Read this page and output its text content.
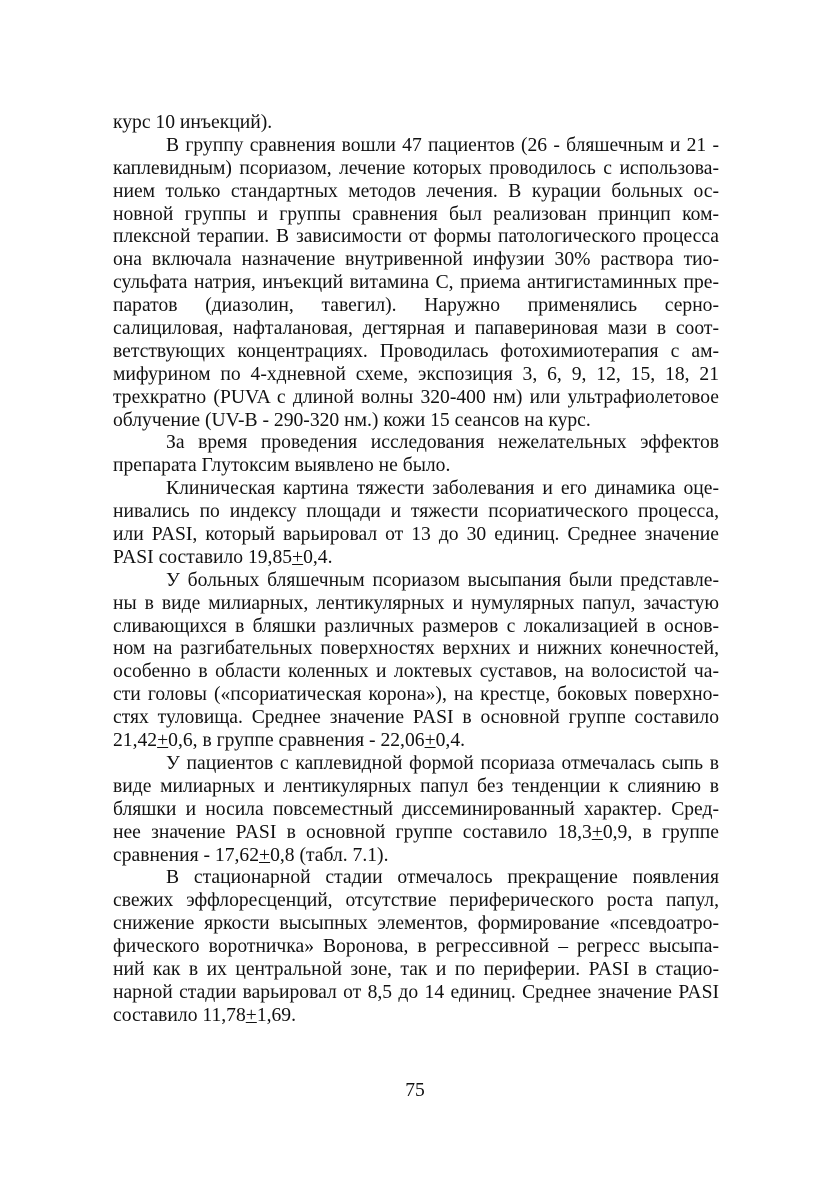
курс 10 инъекций).
В группу сравнения вошли 47 пациентов (26 - бляшечным и 21 -
каплевидным) псориазом, лечение которых проводилось с использова-
нием только стандартных методов лечения. В курации больных ос-
новной группы и группы сравнения был реализован принцип ком-
плексной терапии. В зависимости от формы патологического процесса
она включала назначение внутривенной инфузии 30% раствора тио-
сульфата натрия, инъекций витамина С, приема антигистаминных пре-
паратов (диазолин, тавегил). Наружно применялись серно-
салициловая, нафталановая, дегтярная и папавериновая мази в соот-
ветствующих концентрациях. Проводилась фотохимиотерапия с ам-
мифурином по 4-хдневной схеме, экспозиция 3, 6, 9, 12, 15, 18, 21
трехкратно (PUVA с длиной волны 320-400 нм) или ультрафиолетовое
облучение (UV-B - 290-320 нм.) кожи 15 сеансов на курс.
За время проведения исследования нежелательных эффектов
препарата Глутоксим выявлено не было.
Клиническая картина тяжести заболевания и его динамика оце-
нивались по индексу площади и тяжести псориатического процесса,
или PASI, который варьировал от 13 до 30 единиц. Среднее значение
PASI составило 19,85+0,4.
У больных бляшечным псориазом высыпания были представле-
ны в виде милиарных, лентикулярных и нумулярных папул, зачастую
сливающихся в бляшки различных размеров с локализацией в основ-
ном на разгибательных поверхностях верхних и нижних конечностей,
особенно в области коленных и локтевых суставов, на волосистой ча-
сти головы («псориатическая корона»), на крестце, боковых поверхно-
стях туловища. Среднее значение PASI в основной группе составило
21,42+0,6, в группе сравнения - 22,06+0,4.
У пациентов с каплевидной формой псориаза отмечалась сыпь в
виде милиарных и лентикулярных папул без тенденции к слиянию в
бляшки и носила повсеместный диссеминированный характер. Сред-
нее значение PASI в основной группе составило 18,3+0,9, в группе
сравнения - 17,62+0,8 (табл. 7.1).
В стационарной стадии отмечалось прекращение появления
свежих эффлоресценций, отсутствие периферического роста папул,
снижение яркости высыпных элементов, формирование «псевдоатро-
фического воротничка» Воронова, в регрессивной – регресс высыпа-
ний как в их центральной зоне, так и по периферии. PASI в стацио-
нарной стадии варьировал от 8,5 до 14 единиц. Среднее значение PASI
составило 11,78+1,69.
75
